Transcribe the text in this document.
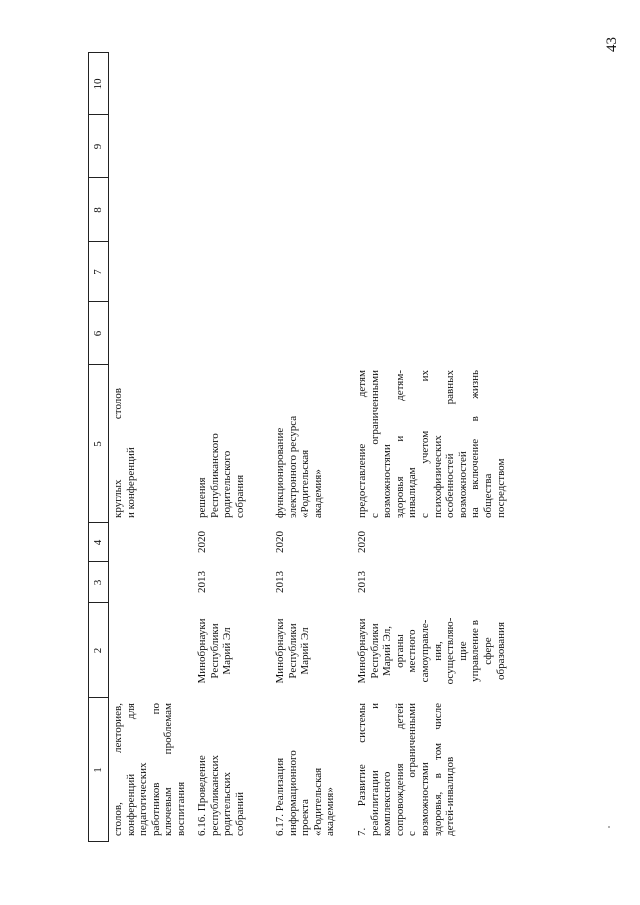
43
1
2
3
4
5
6
7
8
9
10
столов, лекториев, конференций для педагогических работников по ключевым проблемам воспитания
круглых столов и конференций
6.16. Проведение республиканских родительских собраний
Минобрнауки Республики Марий Эл
2013
2020
решения Республиканского родительского собрания
6.17. Реализация информационного проекта «Родительская академия»
Минобрнауки Республики Марий Эл
2013
2020
функционирование электронного ресурса «Родительская академия»
7. Развитие системы реабилитации и комплексного сопровождения детей с ограниченными возможностями здоровья, в том числе детей-инвалидов
Минобрнауки Республики Марий Эл, органы местного самоуправле- ния, осуществляю- щие управление в сфере образования
2013
2020
предоставление детям с ограниченными возможностями здоровья и детям- инвалидам с учетом их психофизических особенностей равных возможностей на включение в жизнь общества посредством
